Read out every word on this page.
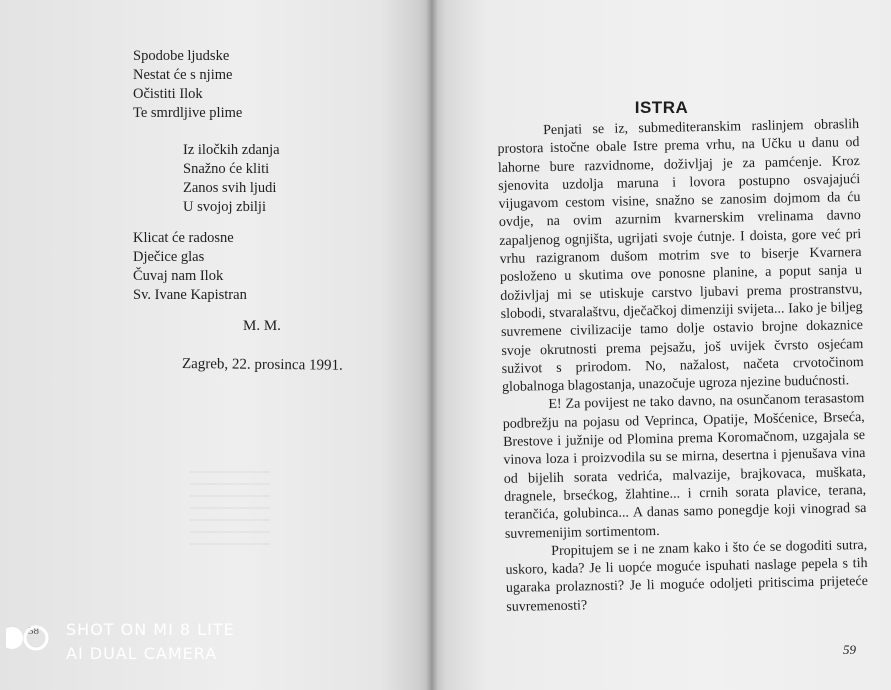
Spodobe ljudske
Nestat će s njime
Očistiti Ilok
Te smrdljive plime
Iz iločkih zdanja
Snažno će kliti
Zanos svih ljudi
U svojoj zbilji
Klicat će radosne
Dječice glas
Čuvaj nam Ilok
Sv. Ivane Kapistran
M. M.
Zagreb, 22. prosinca 1991.
58
ISTRA

Penjati se iz, submediteranskim raslinjem obraslih prostora istočne obale Istre prema vrhu, na Učku u danu od lahorne bure razvidnome, doživljaj je za pamćenje. Kroz sjenovita uzdolja maruna i lovora postupno osvajajući vijugavom cestom visine, snažno se zanosim dojmom da ću ovdje, na ovim azurnim kvarnerskim vrelinama davno zapaljenog ognjišta, ugrijati svoje ćutnje. I doista, gore već pri vrhu razigranom dušom motrim sve to biserje Kvarnera posloženo u skutima ove ponosne planine, a poput sanja u doživljaj mi se utiskuje carstvo ljubavi prema prostranstvu, slobodi, stvaralaštvu, dječačkoj dimenziji svijeta... Iako je biljeg suvremene civilizacije tamo dolje ostavio brojne dokaznice svoje okrutnosti prema pejsažu, još uvijek čvrsto osjećam suživot s prirodom. No, nažalost, načeta crvotočinom globalnoga blagostanja, unazočuje ugroza njezine budućnosti.

E! Za povijest ne tako davno, na osunčanom terasastom podbrežju na pojasu od Veprinca, Opatije, Mošćenice, Brseća, Brestove i južnije od Plomina prema Koromačnom, uzgajala se vinova loza i proizvodila su se mirna, desertna i pjenušava vina od bijelih sorata vedrića, malvazije, brajkovaca, muškata, dragnele, brsećkog, žlahtine... i crnih sorata plavice, terana, terančića, golubinca... A danas samo ponegdje koji vinograd sa suvremenijim sortimentom.

Propitujem se i ne znam kako i što će se dogoditi sutra, uskoro, kada? Je li uopće moguće ispuhati naslage pepela s tih ugaraka prolaznosti? Je li moguće odoljeti pritiscima prijeteće suvremenosti?

59
SHOT ON MI 8 LITE
AI DUAL CAMERA
